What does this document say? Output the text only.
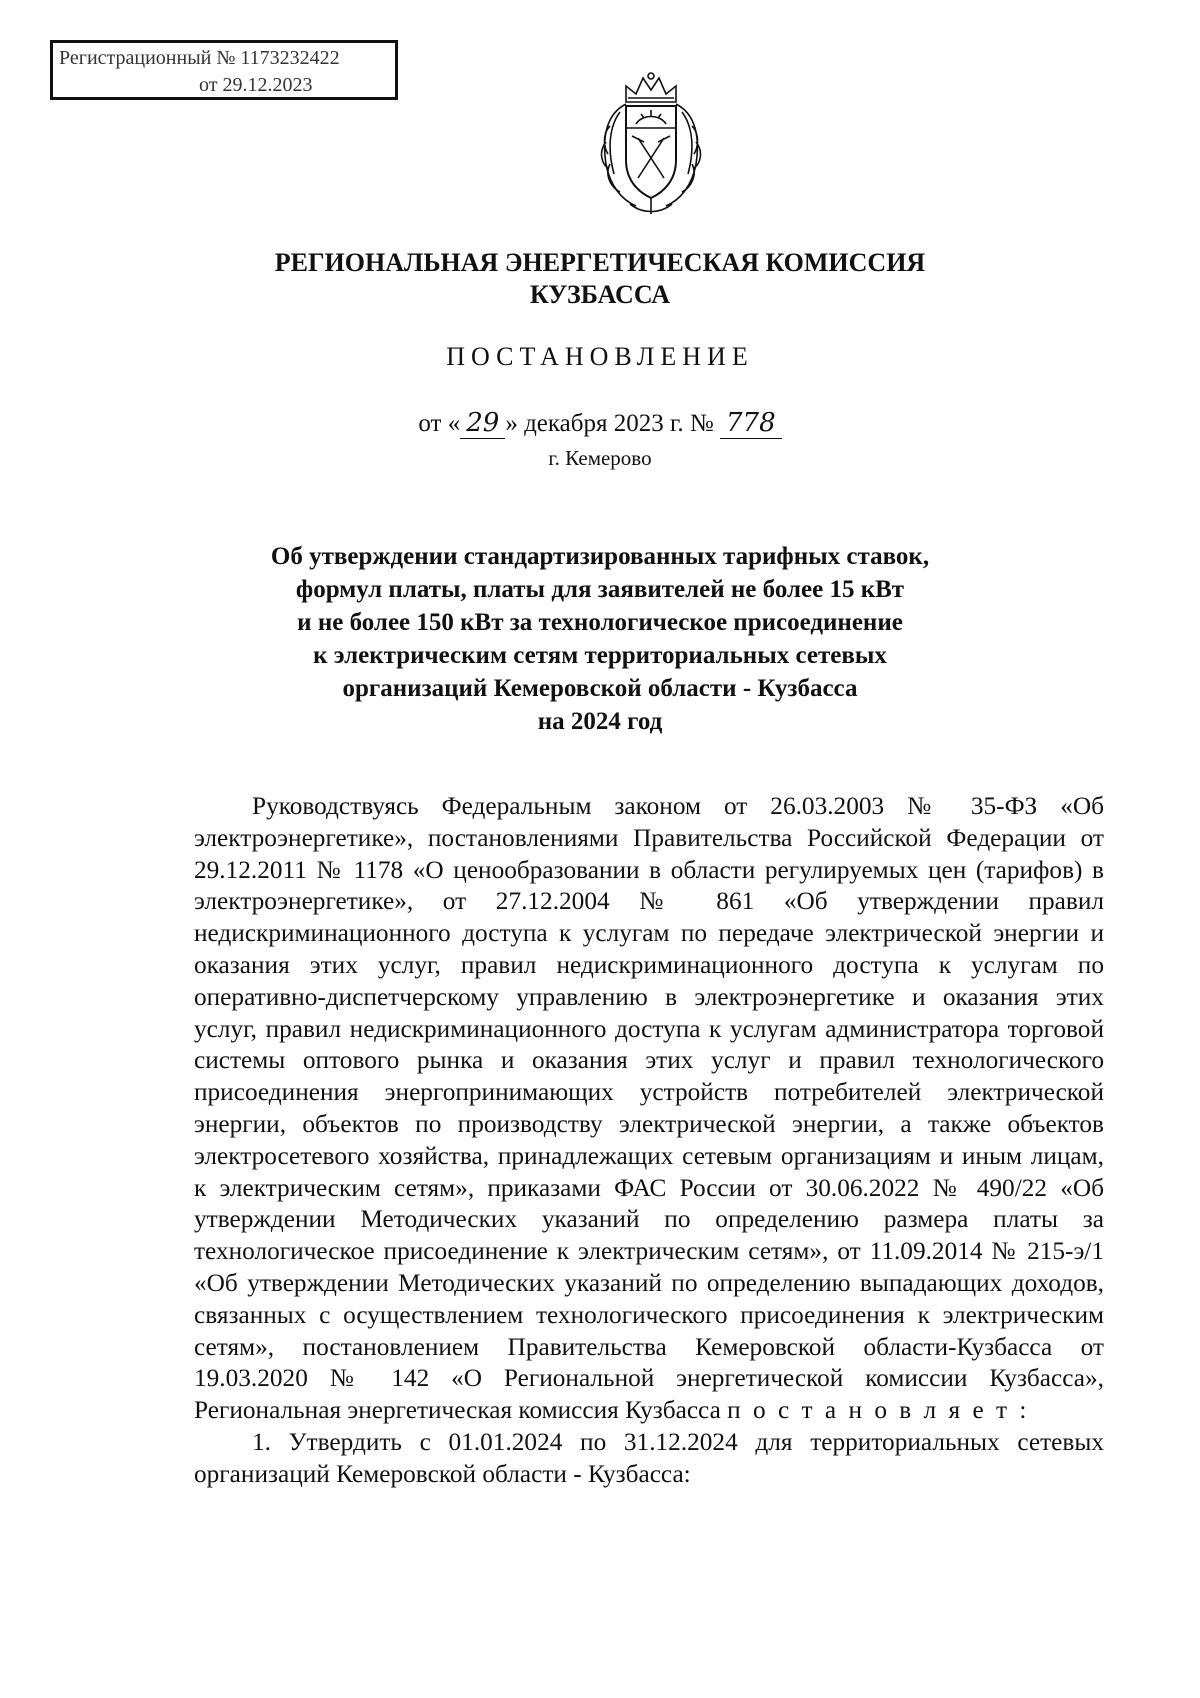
Регистрационный № 1173232422
от 29.12.2023
РЕГИОНАЛЬНАЯ ЭНЕРГЕТИЧЕСКАЯ КОМИССИЯ
КУЗБАССА
ПОСТАНОВЛЕНИЕ
от « 29 » декабря 2023 г. № 778
г. Кемерово
Об утверждении стандартизированных тарифных ставок,
формул платы, платы для заявителей не более 15 кВт
и не более 150 кВт за технологическое присоединение
к электрическим сетям территориальных сетевых
организаций Кемеровской области - Кузбасса
на 2024 год

Руководствуясь Федеральным законом от 26.03.2003 № 35-ФЗ «Об электроэнергетике», постановлениями Правительства Российской Федерации от 29.12.2011 № 1178 «О ценообразовании в области регулируемых цен (тарифов) в электроэнергетике», от 27.12.2004 № 861 «Об утверждении правил недискриминационного доступа к услугам по передаче электрической энергии и оказания этих услуг, правил недискриминационного доступа к услугам по оперативно-диспетчерскому управлению в электроэнергетике и оказания этих услуг, правил недискриминационного доступа к услугам администратора торговой системы оптового рынка и оказания этих услуг и правил технологического присоединения энергопринимающих устройств потребителей электрической энергии, объектов по производству электрической энергии, а также объектов электросетевого хозяйства, принадлежащих сетевым организациям и иным лицам, к электрическим сетям», приказами ФАС России от 30.06.2022 № 490/22 «Об утверждении Методических указаний по определению размера платы за технологическое присоединение к электрическим сетям», от 11.09.2014 № 215-э/1 «Об утверждении Методических указаний по определению выпадающих доходов, связанных с осуществлением технологического присоединения к электрическим сетям», постановлением Правительства Кемеровской области-Кузбасса от 19.03.2020 № 142 «О Региональной энергетической комиссии Кузбасса», Региональная энергетическая комиссия Кузбасса п о с т а н о в л я е т :

1. Утвердить с 01.01.2024 по 31.12.2024 для территориальных сетевых организаций Кемеровской области - Кузбасса:
